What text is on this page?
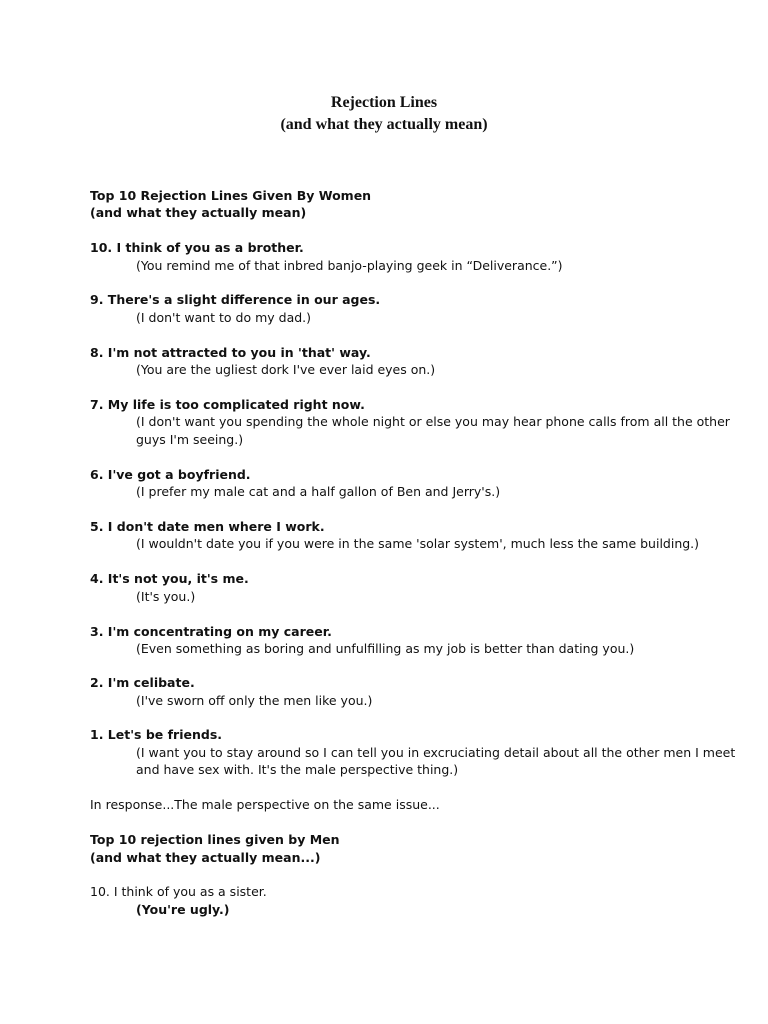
Rejection Lines
(and what they actually mean)
Top 10 Rejection Lines Given By Women
(and what they actually mean)
10. I think of you as a brother.
(You remind me of that inbred banjo-playing geek in “Deliverance.”)
9. There's a slight difference in our ages.
(I don't want to do my dad.)
8. I'm not attracted to you in 'that' way.
(You are the ugliest dork I've ever laid eyes on.)
7. My life is too complicated right now.
(I don't want you spending the whole night or else you may hear phone calls from all the other
guys I'm seeing.)
6. I've got a boyfriend.
(I prefer my male cat and a half gallon of Ben and Jerry's.)
5. I don't date men where I work.
(I wouldn't date you if you were in the same 'solar system', much less the same building.)
4. It's not you, it's me.
(It's you.)
3. I'm concentrating on my career.
(Even something as boring and unfulfilling as my job is better than dating you.)
2. I'm celibate.
(I've sworn off only the men like you.)
1. Let's be friends.
(I want you to stay around so I can tell you in excruciating detail about all the other men I meet
and have sex with. It's the male perspective thing.)
In response...The male perspective on the same issue...
Top 10 rejection lines given by Men
(and what they actually mean...)
10. I think of you as a sister.
(You're ugly.)
